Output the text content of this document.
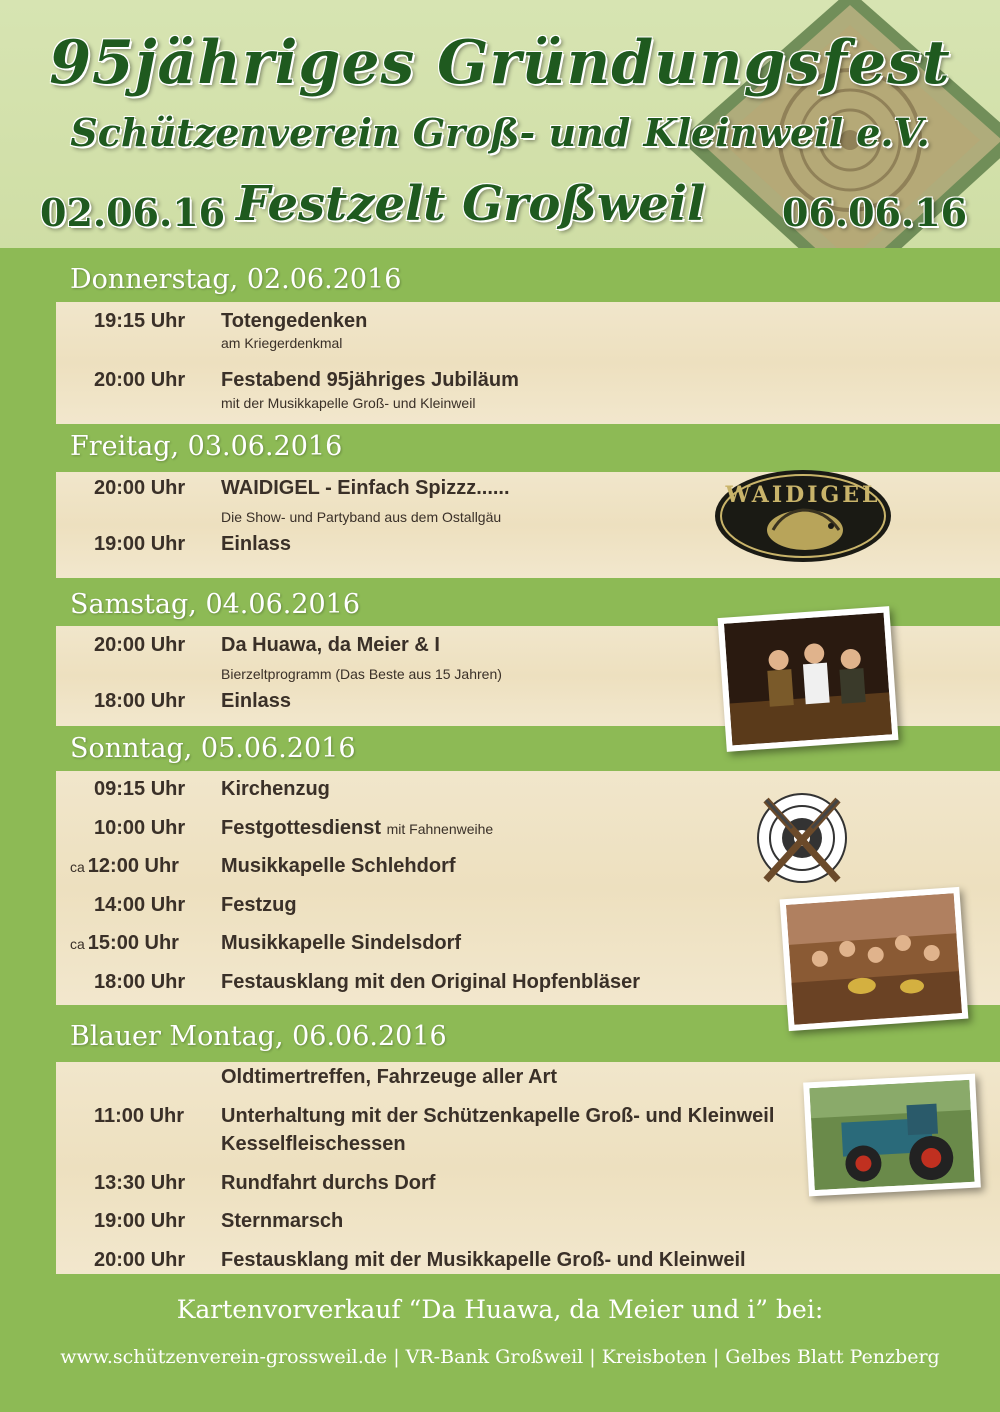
95jähriges Gründungsfest
Schützenverein Groß- und Kleinweil e.V.
02.06.16 Festzelt Großweil 06.06.16
Donnerstag, 02.06.2016
19:15 Uhr Totengedenken
am Kriegerdenkmal
20:00 Uhr Festabend 95jähriges Jubiläum
mit der Musikkapelle Groß- und Kleinweil
Freitag, 03.06.2016
20:00 Uhr WAIDIGEL - Einfach Spizzz......
Die Show- und Partyband aus dem Ostallgäu
19:00 Uhr Einlass
WAIDIGEL
Samstag, 04.06.2016
20:00 Uhr Da Huawa, da Meier & I
Bierzeltprogramm (Das Beste aus 15 Jahren)
18:00 Uhr Einlass
Sonntag, 05.06.2016
09:15 Uhr Kirchenzug
10:00 Uhr Festgottesdienst mit Fahnenweihe
ca 12:00 Uhr Musikkapelle Schlehdorf
14:00 Uhr Festzug
ca 15:00 Uhr Musikkapelle Sindelsdorf
18:00 Uhr Festausklang mit den Original Hopfenbläser
Blauer Montag, 06.06.2016
Oldtimertreffen, Fahrzeuge aller Art
11:00 Uhr Unterhaltung mit der Schützenkapelle Groß- und Kleinweil
Kesselfleischessen
13:30 Uhr Rundfahrt durchs Dorf
19:00 Uhr Sternmarsch
20:00 Uhr Festausklang mit der Musikkapelle Groß- und Kleinweil
Kartenvorverkauf “Da Huawa, da Meier und i” bei:
www.schützenverein-grossweil.de | VR-Bank Großweil | Kreisboten | Gelbes Blatt Penzberg
